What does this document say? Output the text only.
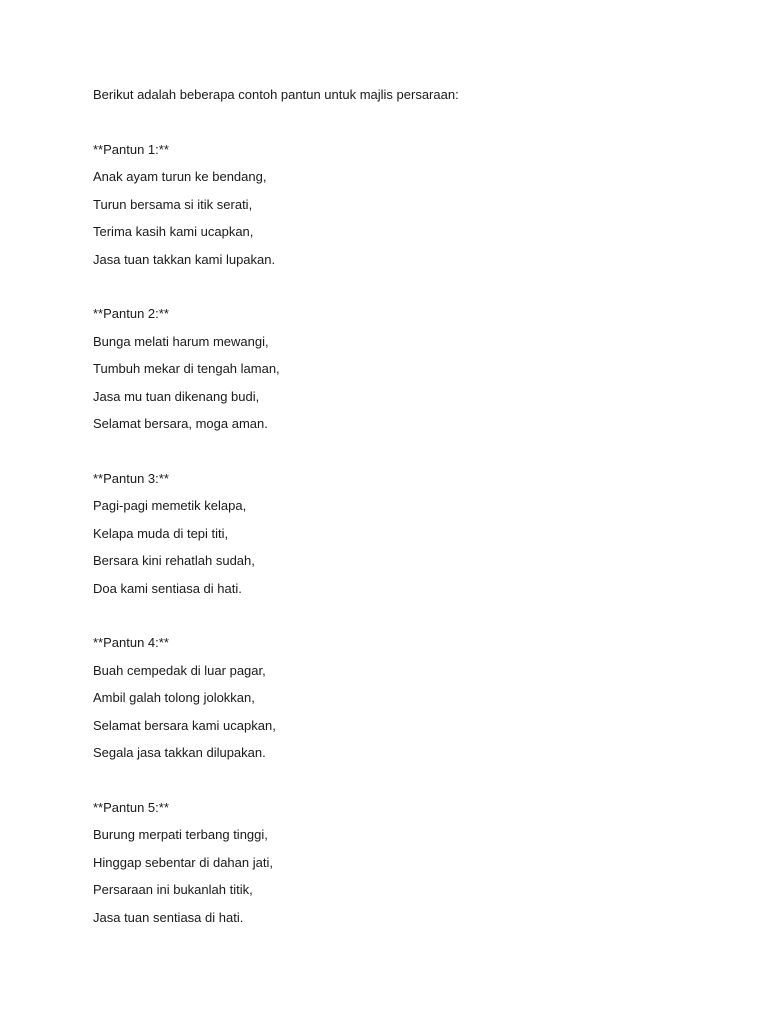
Berikut adalah beberapa contoh pantun untuk majlis persaraan:

**Pantun 1:**

Anak ayam turun ke bendang,

Turun bersama si itik serati,

Terima kasih kami ucapkan,

Jasa tuan takkan kami lupakan.

**Pantun 2:**

Bunga melati harum mewangi,

Tumbuh mekar di tengah laman,

Jasa mu tuan dikenang budi,

Selamat bersara, moga aman.

**Pantun 3:**

Pagi-pagi memetik kelapa,

Kelapa muda di tepi titi,

Bersara kini rehatlah sudah,

Doa kami sentiasa di hati.

**Pantun 4:**

Buah cempedak di luar pagar,

Ambil galah tolong jolokkan,

Selamat bersara kami ucapkan,

Segala jasa takkan dilupakan.

**Pantun 5:**

Burung merpati terbang tinggi,

Hinggap sebentar di dahan jati,

Persaraan ini bukanlah titik,

Jasa tuan sentiasa di hati.
